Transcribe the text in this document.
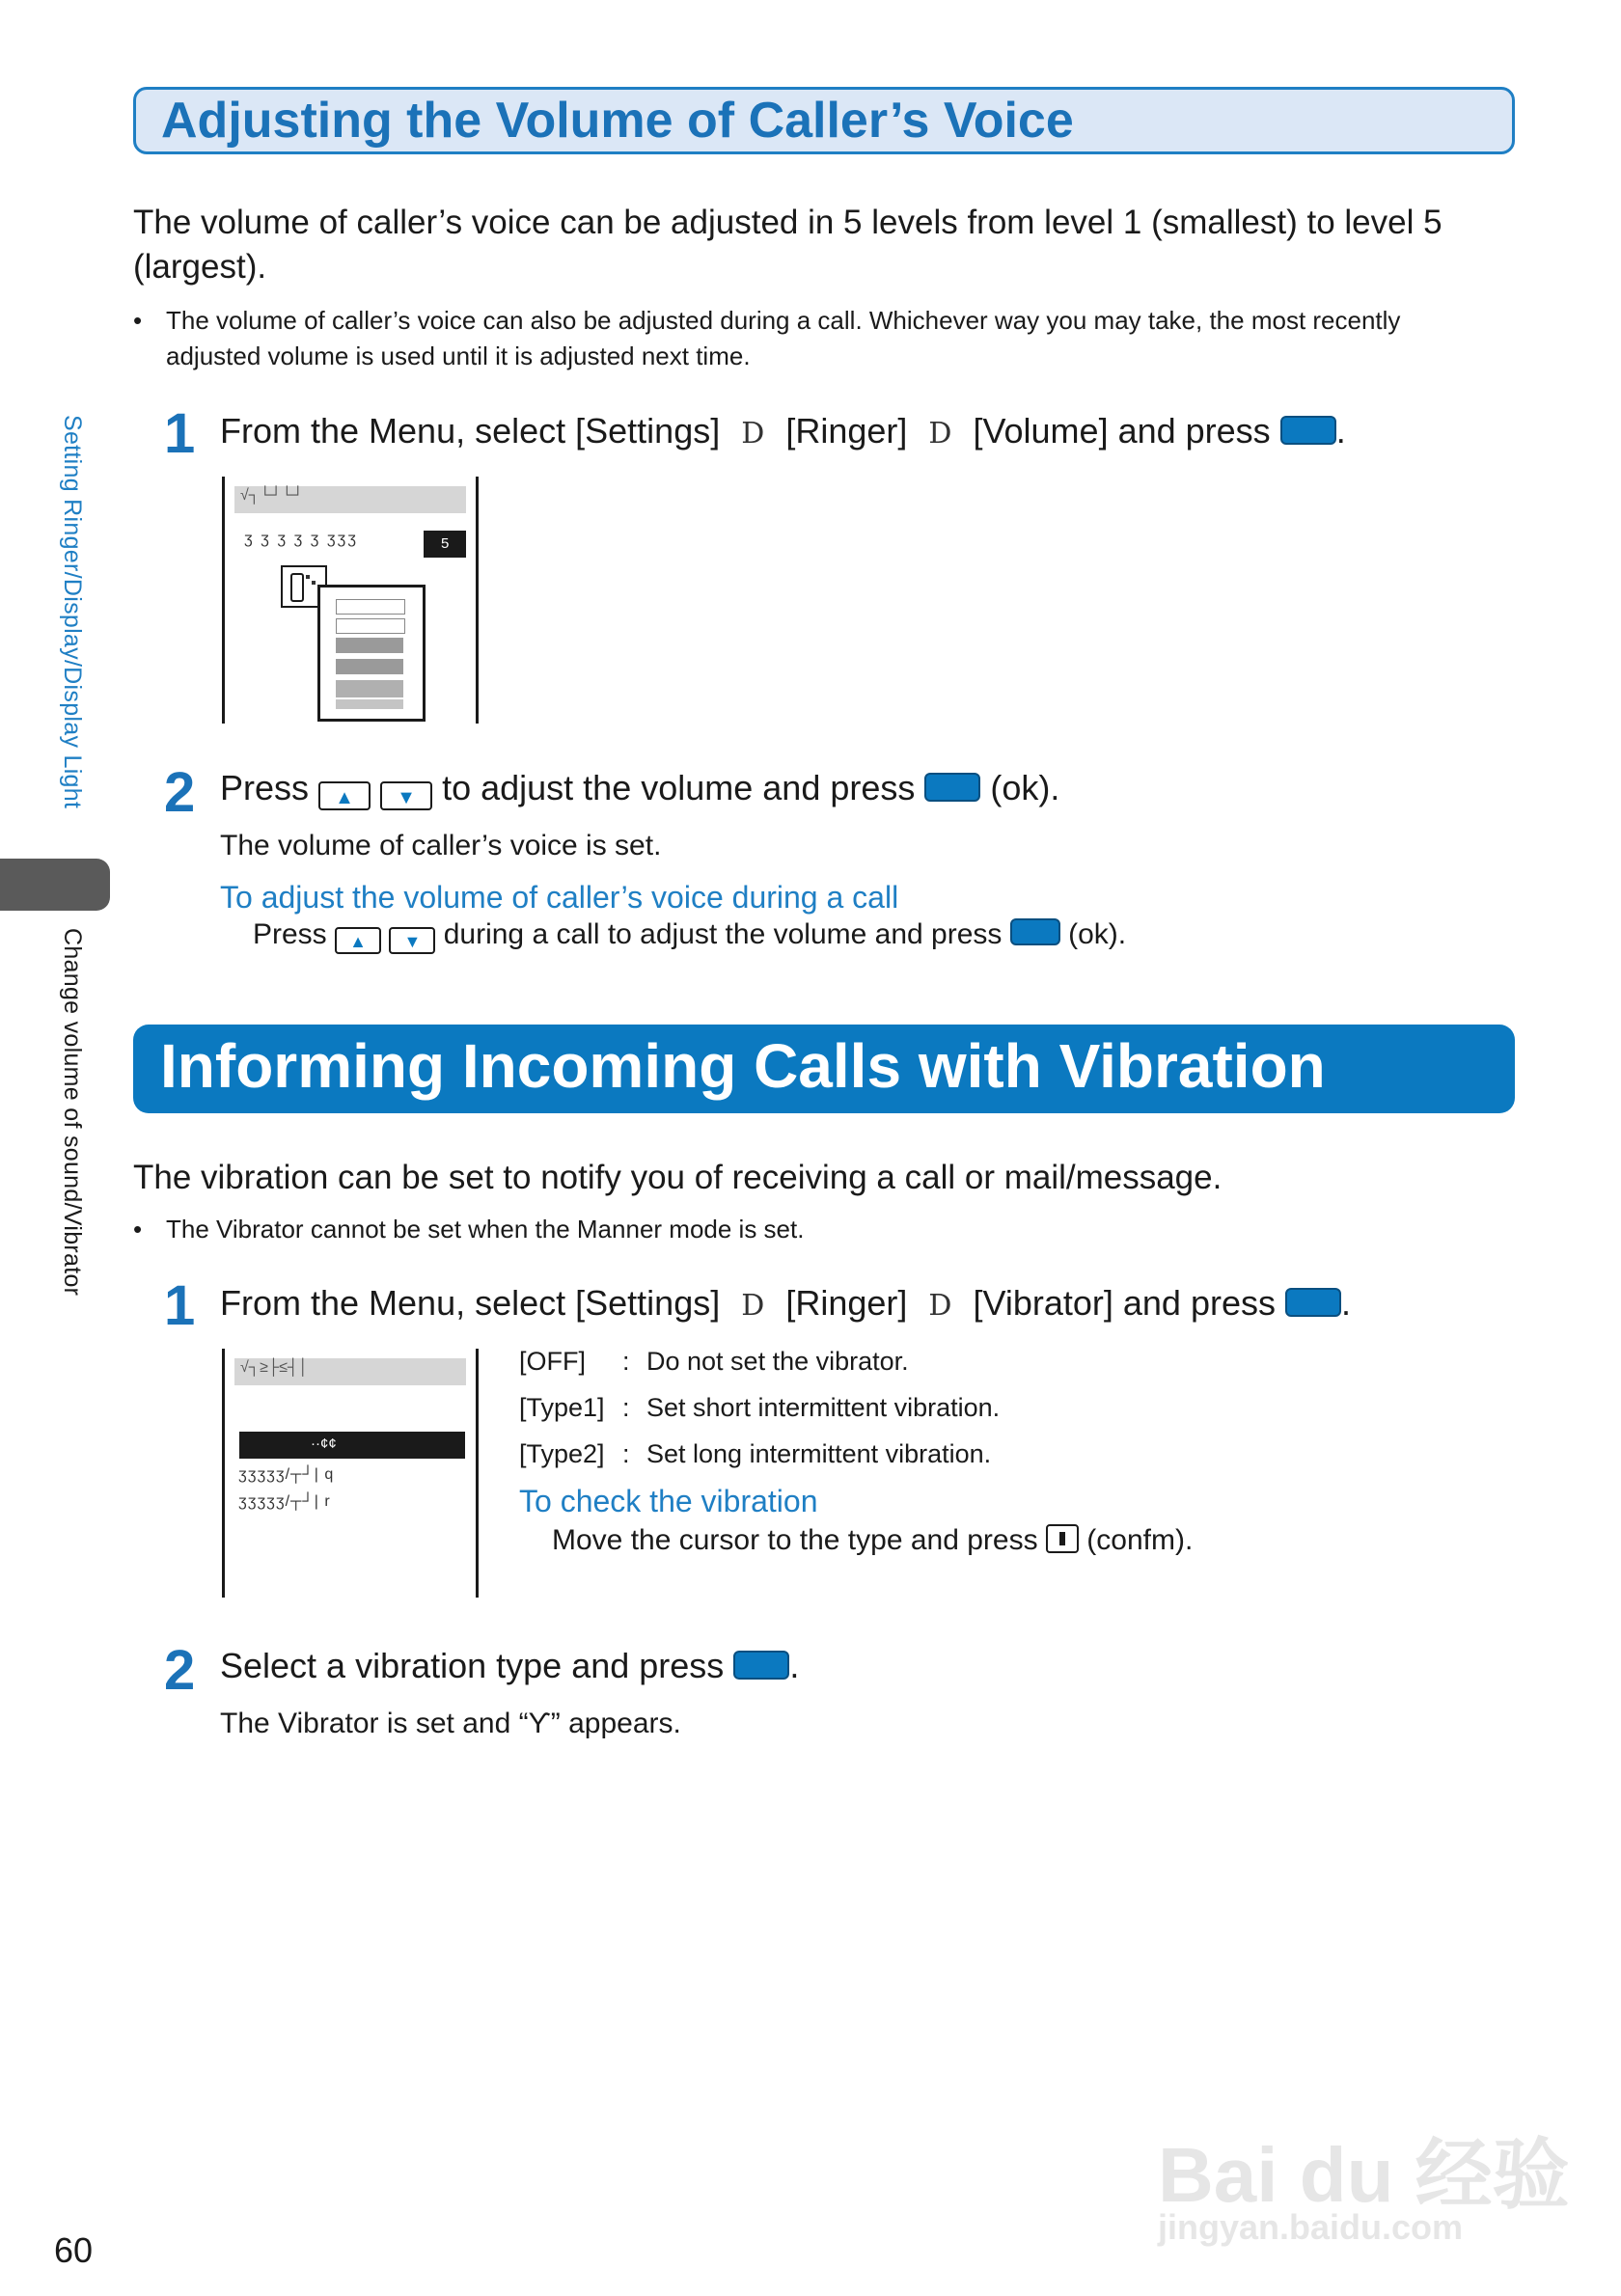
Setting Ringer/Display/Display Light
Change volume of sound/Vibrator
Adjusting the Volume of Caller’s Voice
The volume of caller’s voice can be adjusted in 5 levels from level 1 (smallest) to level 5
(largest).
• The volume of caller’s voice can also be adjusted during a call. Whichever way you may take, the most recently
adjusted volume is used until it is adjusted next time.
1 From the Menu, select [Settings] D [Ringer] D [Volume] and press .
√┐└┘└┘
ʒ ʒ ʒ ʒ ʒ ʒʒʒ	5
2 Press ▲ ▼ to adjust the volume and press (ok).
The volume of caller’s voice is set.
To adjust the volume of caller’s voice during a call
Press ▲ ▼ during a call to adjust the volume and press (ok).
Informing Incoming Calls with Vibration
The vibration can be set to notify you of receiving a call or mail/message.
• The Vibrator cannot be set when the Manner mode is set.
1 From the Menu, select [Settings] D [Ringer] D [Vibrator] and press .
√┐≥├≤┤│
··¢¢
ʒʒʒʒʒ/┬┘| q
ʒʒʒʒʒ/┬┘| r
[OFF] : Do not set the vibrator.
[Type1] : Set short intermittent vibration.
[Type2] : Set long intermittent vibration.
To check the vibration
Move the cursor to the type and press (confm).
2 Select a vibration type and press .
The Vibrator is set and “Ƴ” appears.
60
Bai du 经验
jingyan.baidu.com
